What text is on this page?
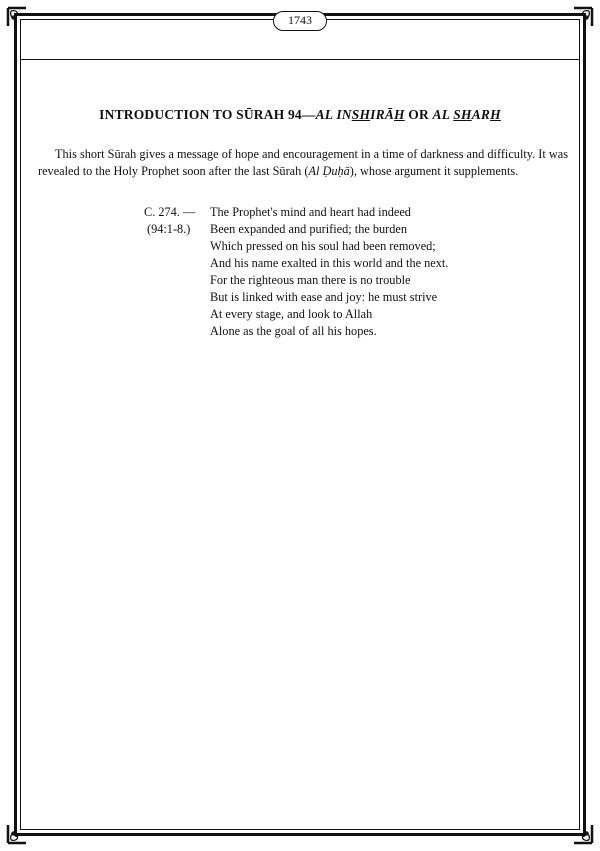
1743
INTRODUCTION TO SŪRAH 94—AL INSHIRĀH OR AL SHARH

This short Sūrah gives a message of hope and encouragement in a time of darkness and difficulty. It was revealed to the Holy Prophet soon after the last Sūrah (Al Ḍuḥā), whose argument it supplements.

C. 274. —
(94:1-8.)
The Prophet's mind and heart had indeed
Been expanded and purified; the burden
Which pressed on his soul had been removed;
And his name exalted in this world and the next.
For the righteous man there is no trouble
But is linked with ease and joy: he must strive
At every stage, and look to Allah
Alone as the goal of all his hopes.
